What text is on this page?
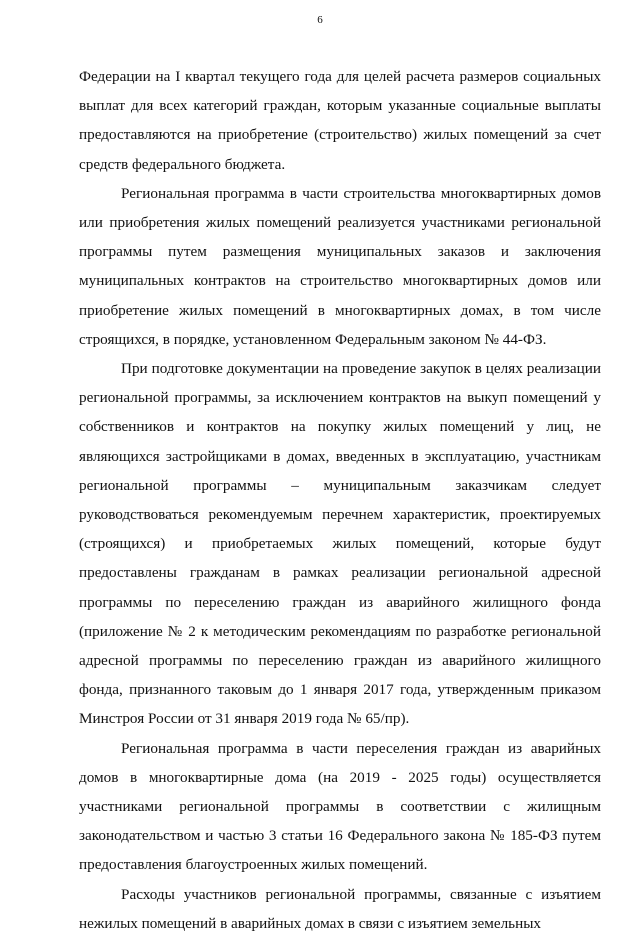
6

Федерации на I квартал текущего года для целей расчета размеров социальных выплат для всех категорий граждан, которым указанные социальные выплаты предоставляются на приобретение (строительство) жилых помещений за счет средств федерального бюджета.

Региональная программа в части строительства многоквартирных домов или приобретения жилых помещений реализуется участниками региональной программы путем размещения муниципальных заказов и заключения муниципальных контрактов на строительство многоквартирных домов или приобретение жилых помещений в многоквартирных домах, в том числе строящихся, в порядке, установленном Федеральным законом № 44-ФЗ.

При подготовке документации на проведение закупок в целях реализации региональной программы, за исключением контрактов на выкуп помещений у собственников и контрактов на покупку жилых помещений у лиц, не являющихся застройщиками в домах, введенных в эксплуатацию, участникам региональной программы – муниципальным заказчикам следует руководствоваться рекомендуемым перечнем характеристик, проектируемых (строящихся) и приобретаемых жилых помещений, которые будут предоставлены гражданам в рамках реализации региональной адресной программы по переселению граждан из аварийного жилищного фонда (приложение № 2 к методическим рекомендациям по разработке региональной адресной программы по переселению граждан из аварийного жилищного фонда, признанного таковым до 1 января 2017 года, утвержденным приказом Минстроя России от 31 января 2019 года № 65/пр).

Региональная программа в части переселения граждан из аварийных домов в многоквартирные дома (на 2019 - 2025 годы) осуществляется участниками региональной программы в соответствии с жилищным законодательством и частью 3 статьи 16 Федерального закона № 185-ФЗ путем предоставления благоустроенных жилых помещений.

Расходы участников региональной программы, связанные с изъятием нежилых помещений в аварийных домах в связи с изъятием земельных
